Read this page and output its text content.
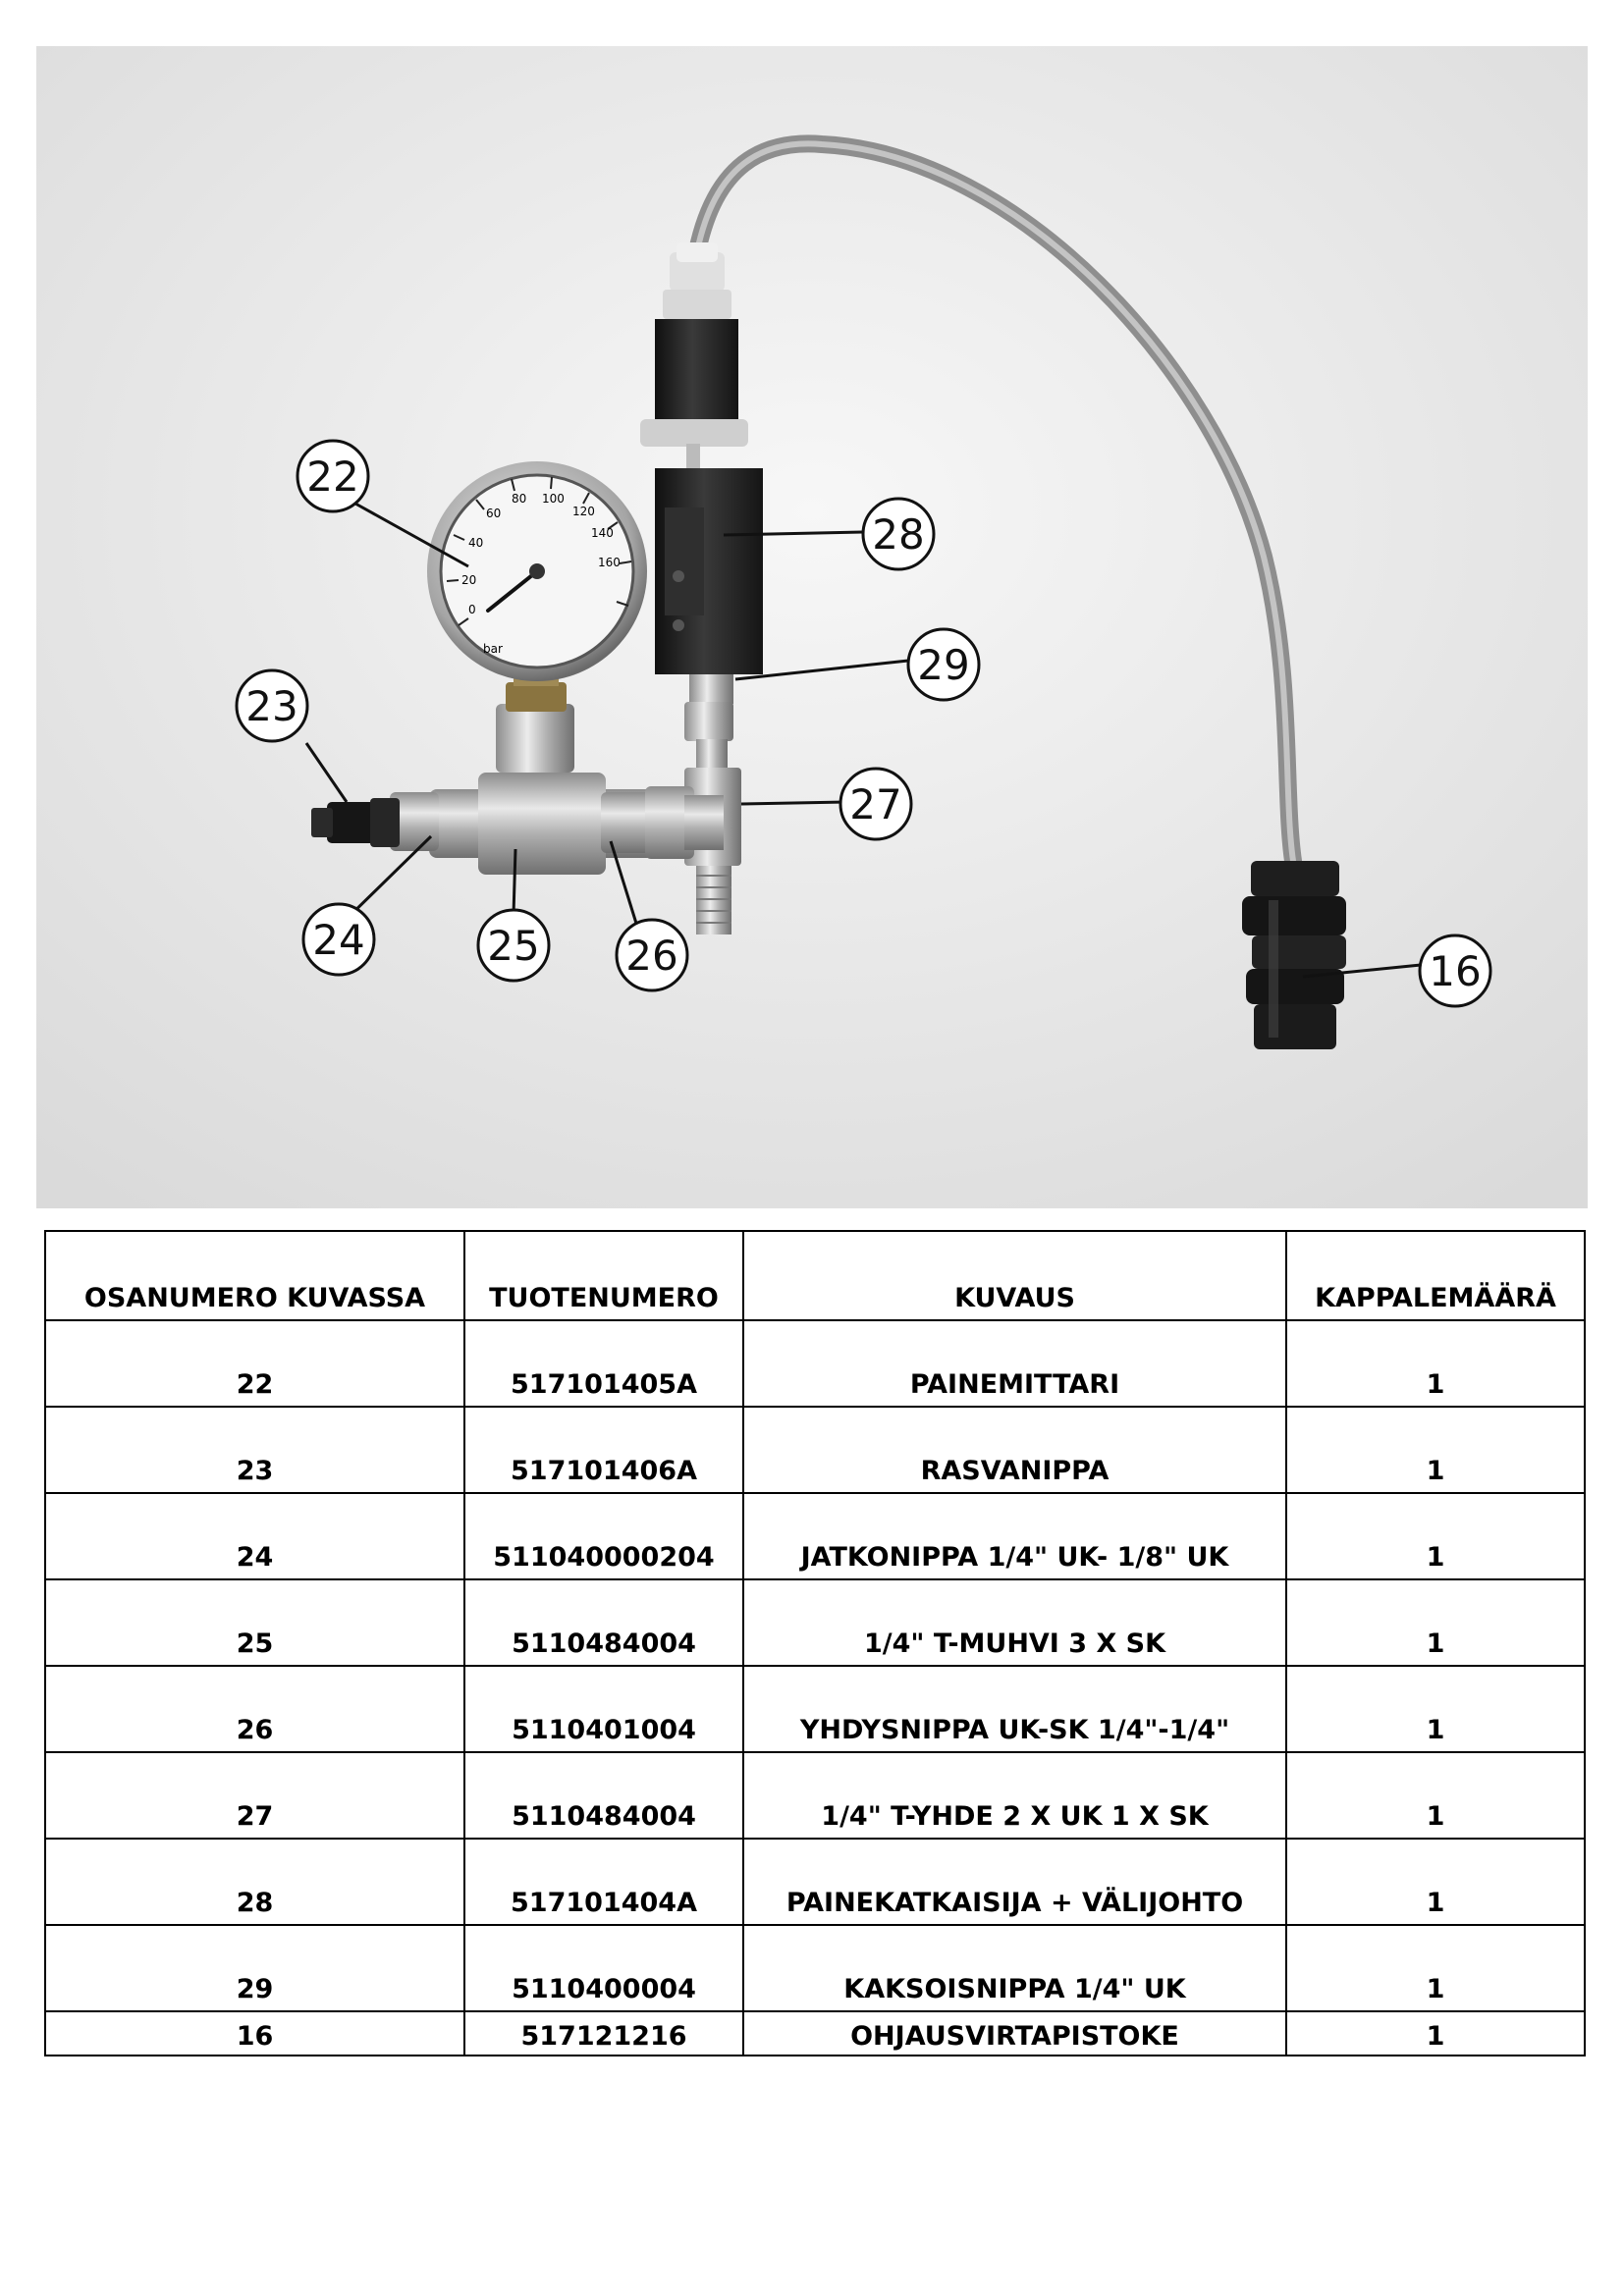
0
20
40
60
80 100
120
140
160
bar
22
23
24	25 26
27
28
29
16
OSANUMERO KUVASSA	TUOTENUMERO	KUVAUS	KAPPALEMÄÄRÄ
22	517101405A	PAINEMITTARI	1
23	517101406A	RASVANIPPA	1
24	511040000204	JATKONIPPA 1/4" UK- 1/8" UK	1
25	5110484004	1/4" T-MUHVI 3 X SK	1
26	5110401004	YHDYSNIPPA UK-SK 1/4"-1/4"	1
27	5110484004	1/4" T-YHDE 2 X UK 1 X SK	1
28	517101404A	PAINEKATKAISIJA + VÄLIJOHTO	1
29	5110400004	KAKSOISNIPPA 1/4" UK	1
16	517121216	OHJAUSVIRTAPISTOKE	1
